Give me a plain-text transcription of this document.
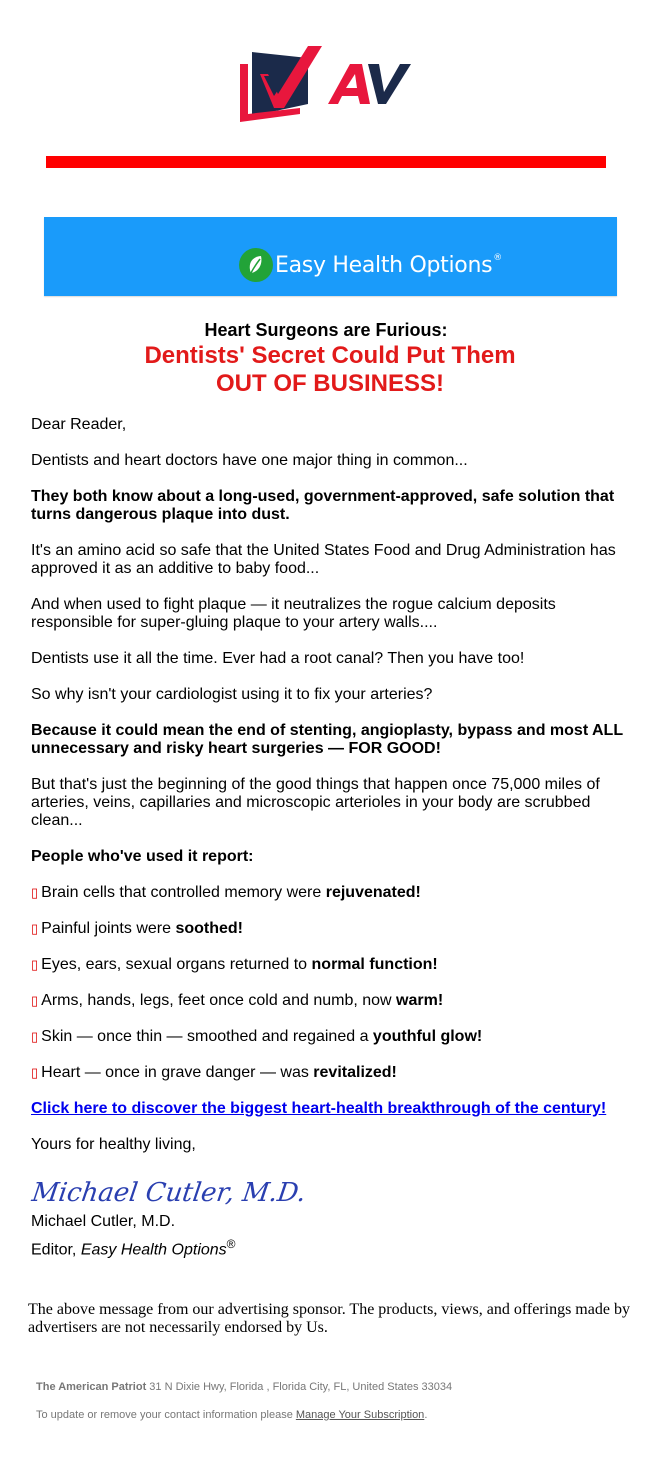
Easy Health Options®
Heart Surgeons are Furious:
Dentists' Secret Could Put Them
OUT OF BUSINESS!

Dear Reader,

Dentists and heart doctors have one major thing in common...

They both know about a long-used, government-approved, safe solution that turns dangerous plaque into dust.

It's an amino acid so safe that the United States Food and Drug Administration has approved it as an additive to baby food...

And when used to fight plaque — it neutralizes the rogue calcium deposits responsible for super-gluing plaque to your artery walls....

Dentists use it all the time. Ever had a root canal? Then you have too!

So why isn't your cardiologist using it to fix your arteries?

Because it could mean the end of stenting, angioplasty, bypass and most ALL unnecessary and risky heart surgeries — FOR GOOD!

But that's just the beginning of the good things that happen once 75,000 miles of arteries, veins, capillaries and microscopic arterioles in your body are scrubbed clean...

People who've used it report:

▯ Brain cells that controlled memory were rejuvenated!

▯ Painful joints were soothed!

▯ Eyes, ears, sexual organs returned to normal function!

▯ Arms, hands, legs, feet once cold and numb, now warm!

▯ Skin — once thin — smoothed and regained a youthful glow!

▯ Heart — once in grave danger — was revitalized!

Click here to discover the biggest heart-health breakthrough of the century!

Yours for healthy living,

Michael Cutler, M.D.
Michael Cutler, M.D.
Editor, Easy Health Options®
The above message from our advertising sponsor. The products, views, and offerings made by advertisers are not necessarily endorsed by Us.
The American Patriot 31 N Dixie Hwy, Florida , Florida City, FL, United States 33034
To update or remove your contact information please Manage Your Subscription.
